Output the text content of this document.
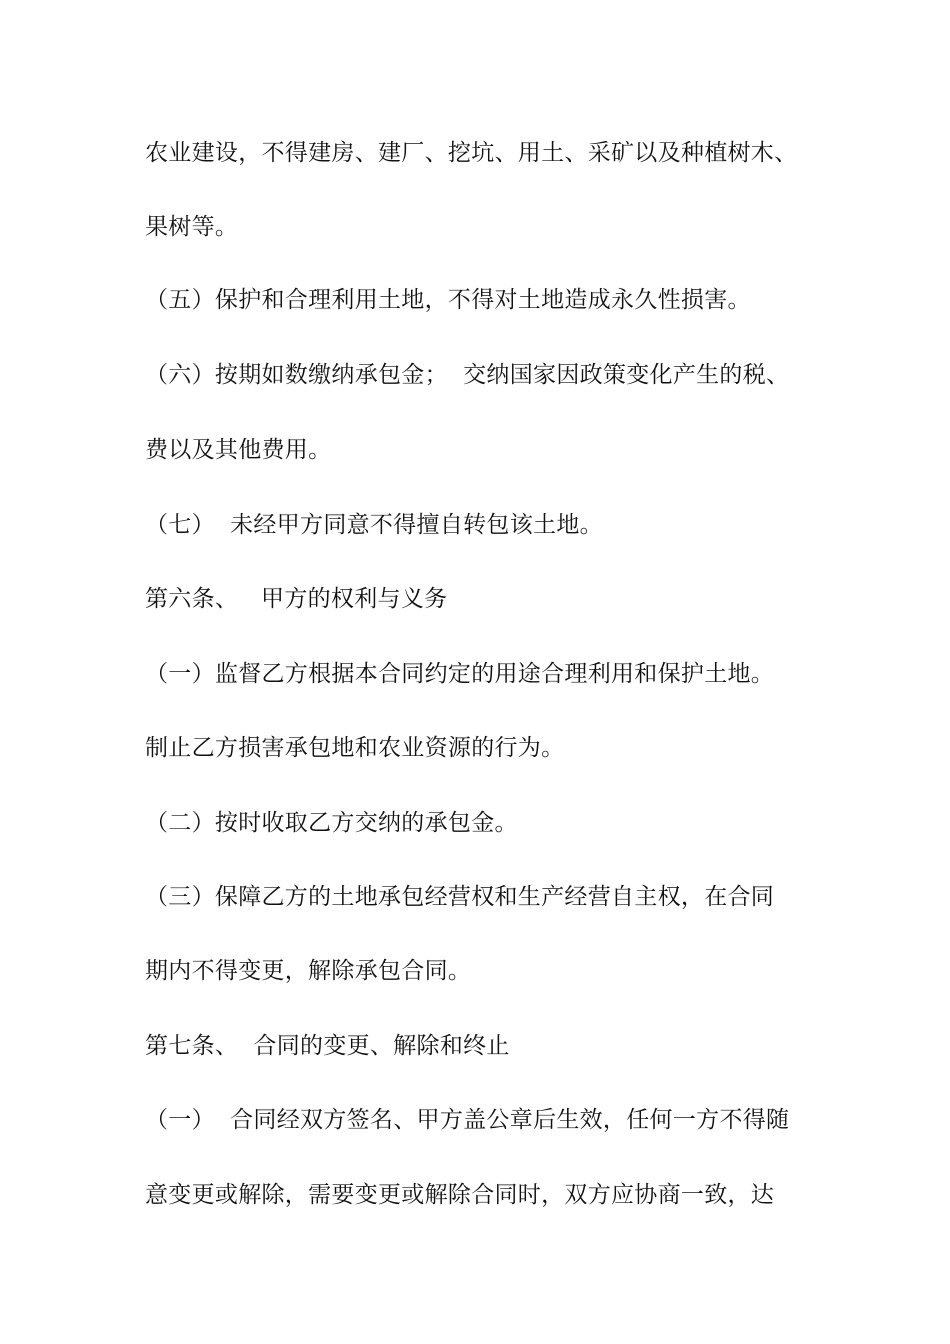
农业建设，不得建房、建厂、挖坑、用土、采矿以及种植树木、
果树等。
（五）保护和合理利用土地，不得对土地造成永久性损害。
（六）按期如数缴纳承包金；  交纳国家因政策变化产生的税、
费以及其他费用。
（七）  未经甲方同意不得擅自转包该土地。
第六条、   甲方的权利与义务
（一）监督乙方根据本合同约定的用途合理利用和保护土地。
制止乙方损害承包地和农业资源的行为。
（二）按时收取乙方交纳的承包金。
（三）保障乙方的土地承包经营权和生产经营自主权，在合同
期内不得变更，解除承包合同。
第七条、  合同的变更、解除和终止
（一）  合同经双方签名、甲方盖公章后生效，任何一方不得随
意变更或解除，需要变更或解除合同时，双方应协商一致，达
